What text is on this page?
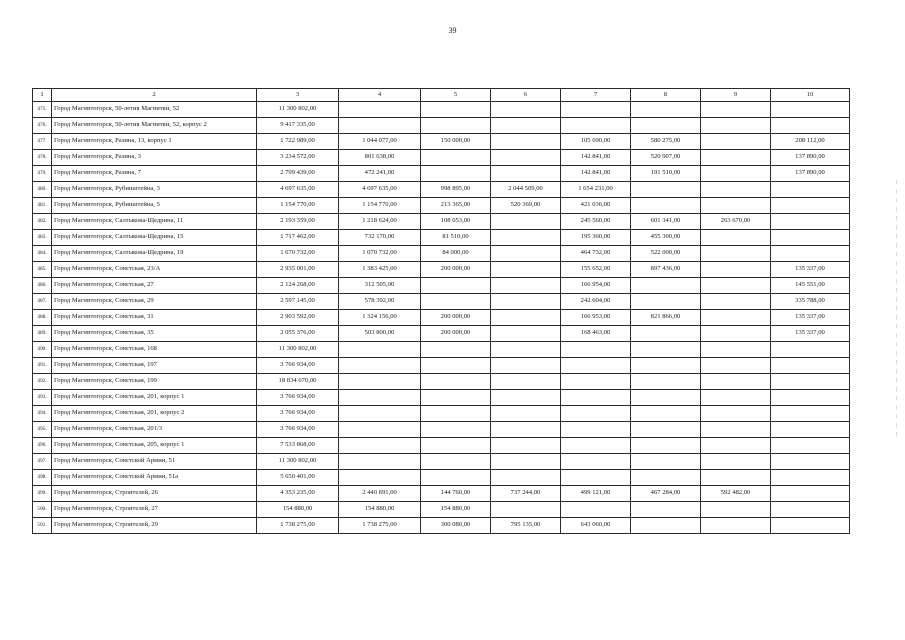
39
1	2	3	4	5	6	7	8	9	10
475.	Город Магнитогорск, 50-летия Магнитки, 52	11 300 802,00							
476.	Город Магнитогорск, 50-летия Магнитки, 52, корпус 2	9 417 335,00							
477.	Город Магнитогорск, Разина, 13, корпус 1	1 722 989,00	1 044 077,00	150 000,00		105 690,00	580 275,00		208 112,00
478.	Город Магнитогорск, Разина, 3	3 234 572,00	801 638,00			142 841,00	520 907,00		137 890,00
479.	Город Магнитогорск, Разина, 7	2 799 439,00	472 241,00			142 841,00	191 510,00		137 890,00
480.	Город Магнитогорск, Рубинштейна, 3	4 697 635,00	4 697 635,00	998 895,00	2 044 509,00	1 654 231,00			
481.	Город Магнитогорск, Рубинштейна, 5	1 154 770,00	1 154 770,00	213 365,00	520 369,00	421 036,00			
482.	Город Магнитогорск, Салтыкова-Щедрина, 11	2 193 359,00	1 218 624,00	108 053,00		245 560,00	601 341,00	263 670,00	
483.	Город Магнитогорск, Салтыкова-Щедрина, 15	1 717 462,00	732 170,00	81 510,00		195 360,00	455 300,00		
484.	Город Магнитогорск, Салтыкова-Щедрина, 19	1 670 732,00	1 070 732,00	84 000,00		464 732,00	522 000,00		
485.	Город Магнитогорск, Советская, 23/А	2 935 001,00	1 383 425,00	200 000,00		155 652,00	897 436,00		135 337,00
486.	Город Магнитогорск, Советская, 27	2 124 268,00	312 505,00			166 954,00			145 551,00
487.	Город Магнитогорск, Советская, 29	2 597 145,00	578 392,00			242 604,00			335 788,00
488.	Город Магнитогорск, Советская, 31	2 903 592,00	1 324 156,00	200 000,00		166 953,00	821 866,00		135 337,00
489.	Город Магнитогорск, Советская, 35	2 055 376,00	503 800,00	200 000,00		168 463,00			135 337,00
490.	Город Магнитогорск, Советская, 168	11 300 802,00							
491.	Город Магнитогорск, Советская, 197	3 766 934,00							
492.	Город Магнитогорск, Советская, 199	18 834 670,00							
493.	Город Магнитогорск, Советская, 201, корпус 1	3 766 934,00							
494.	Город Магнитогорск, Советская, 201, корпус 2	3 766 934,00							
495.	Город Магнитогорск, Советская, 201/3	3 766 934,00							
496.	Город Магнитогорск, Советская, 205, корпус 1	7 533 868,00							
497.	Город Магнитогорск, Советской Армии, 51	11 300 802,00							
498.	Город Магнитогорск, Советской Армии, 51а	5 650 401,00							
499.	Город Магнитогорск, Строителей, 26	4 353 235,00	2 440 891,00	144 760,00	737 244,00	499 121,00	467 284,00	592 482,00	
500.	Город Магнитогорск, Строителей, 27	154 880,00	154 880,00	154 880,00					
501.	Город Магнитогорск, Строителей, 29	1 738 275,00	1 738 275,00	300 080,00	795 135,00	643 060,00			
